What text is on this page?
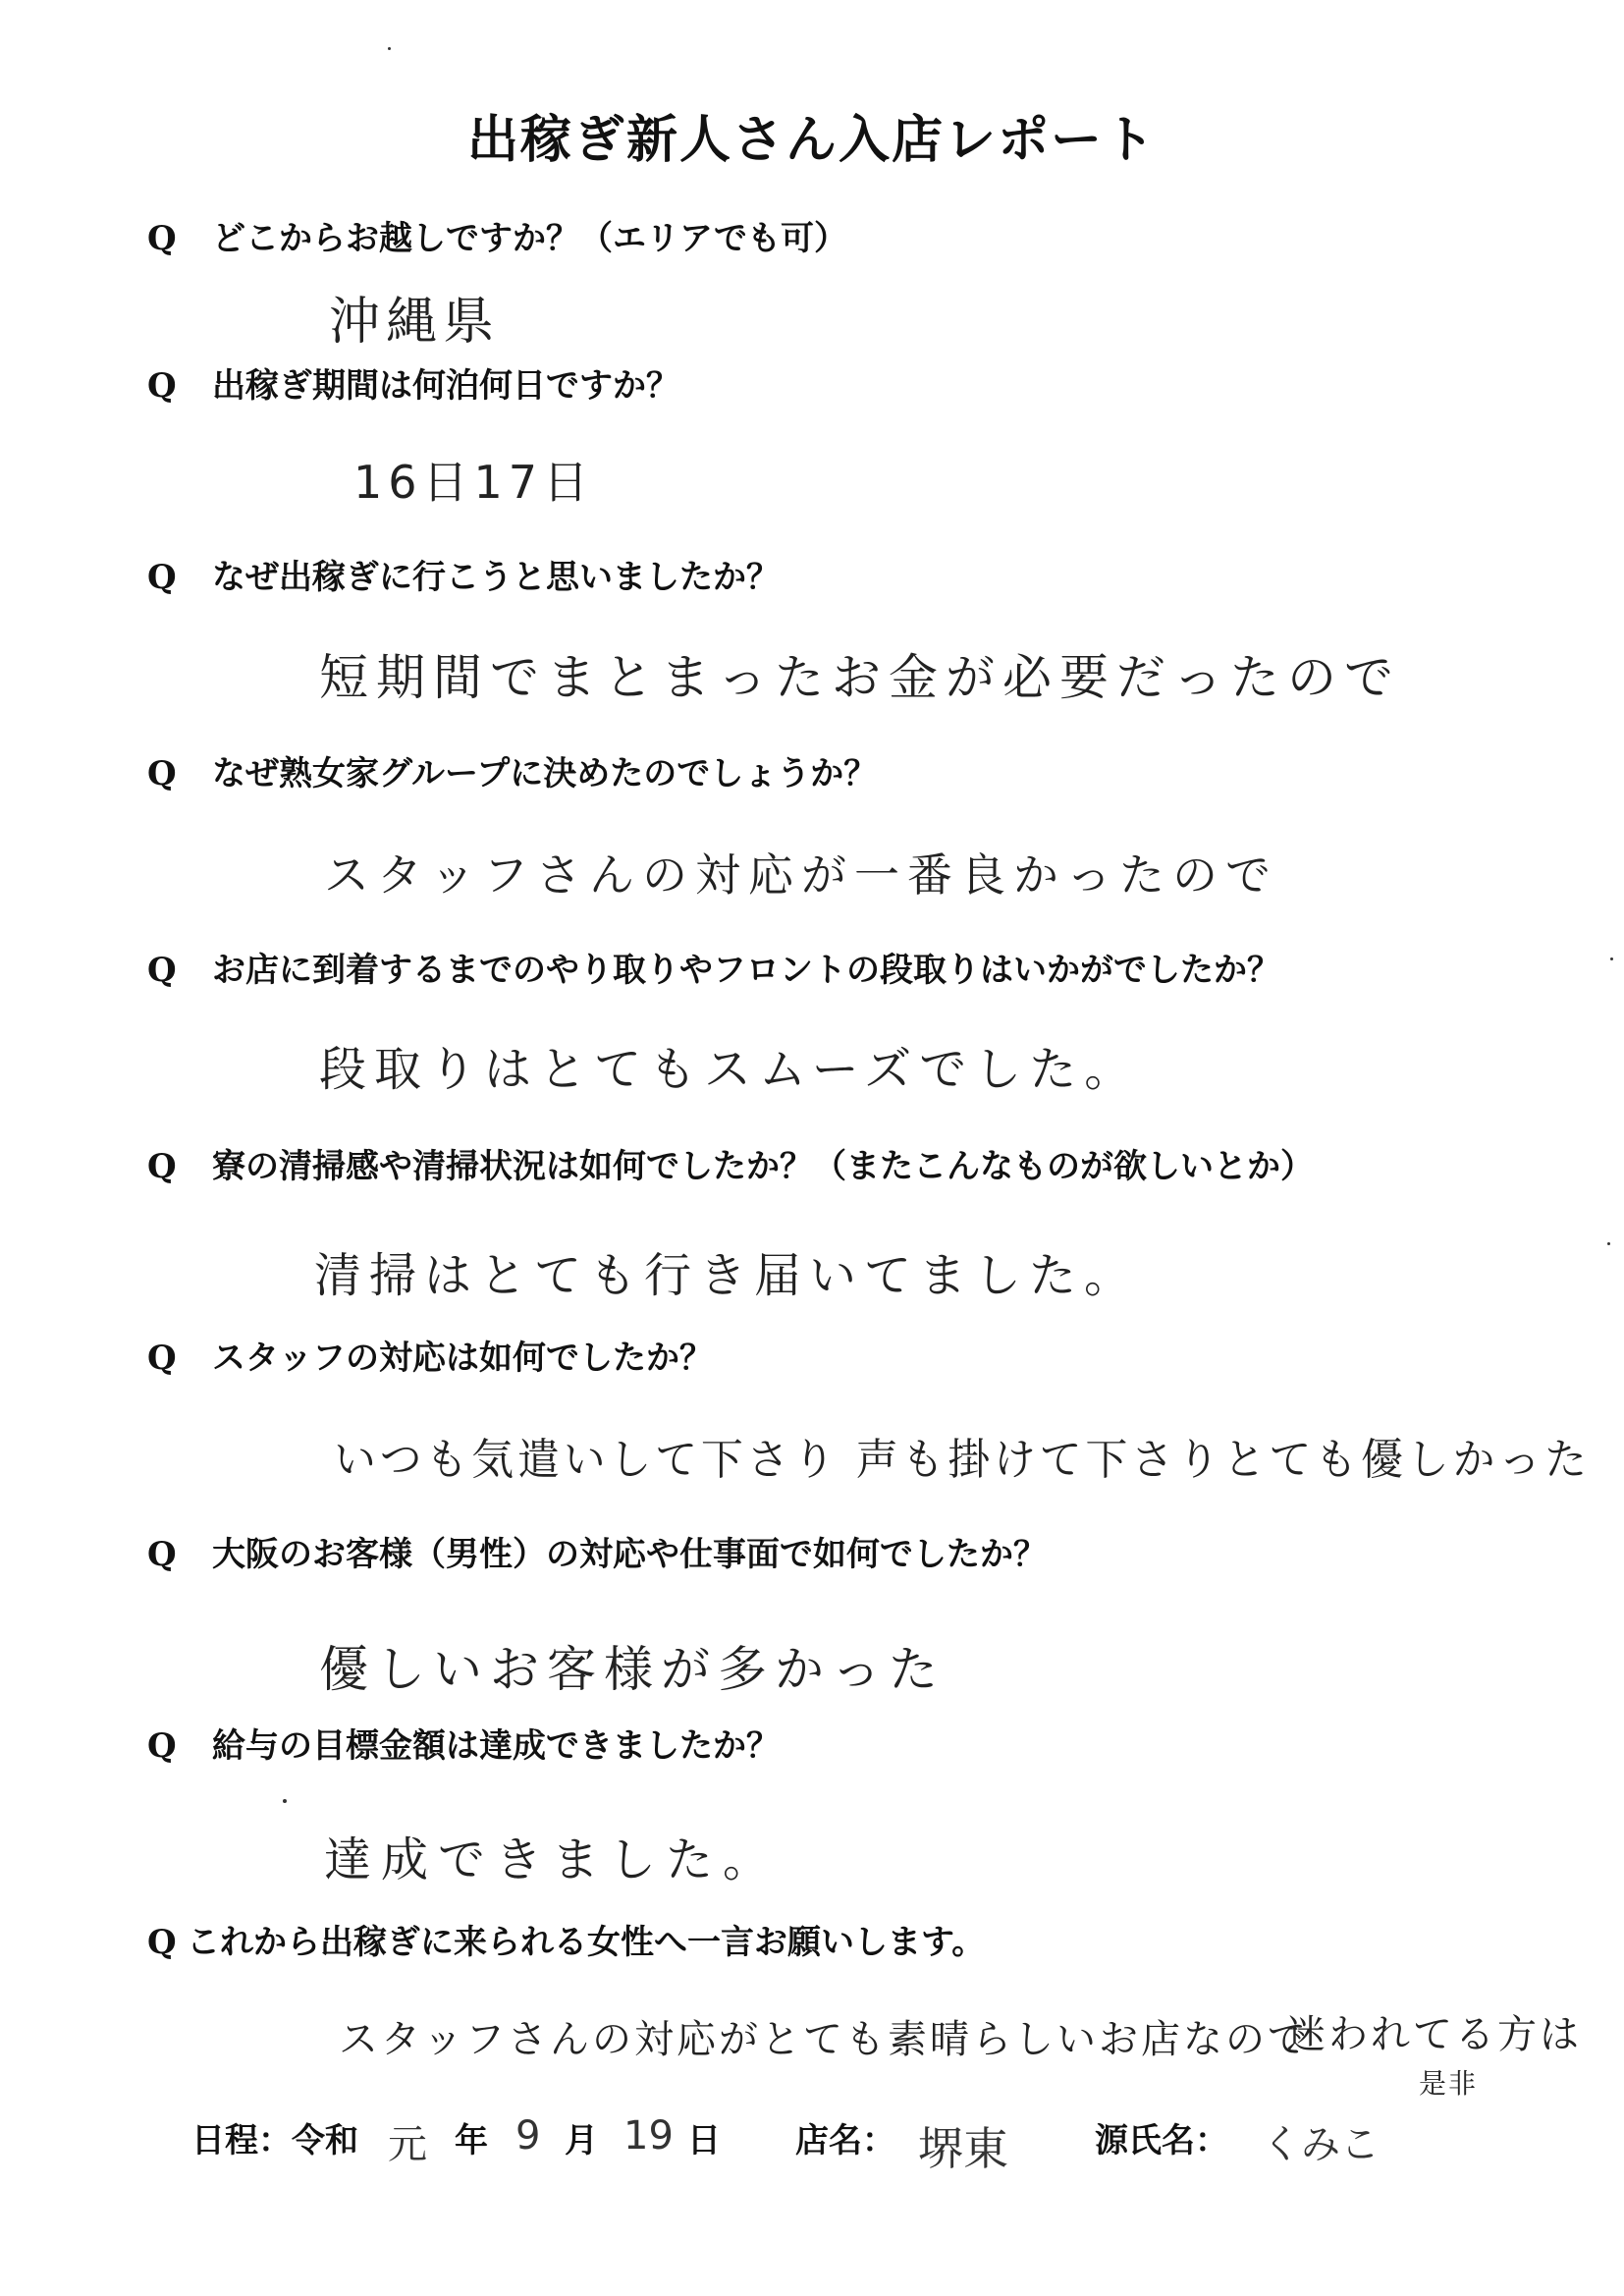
出稼ぎ新人さん入店レポート
Q どこからお越しですか？（エリアでも可）
沖縄県
Q 出稼ぎ期間は何泊何日ですか？
16日17日
Q なぜ出稼ぎに行こうと思いましたか？
短期間でまとまったお金が必要だったので
Q なぜ熟女家グループに決めたのでしょうか？
スタッフさんの対応が一番良かったので
Q お店に到着するまでのやり取りやフロントの段取りはいかがでしたか？
段取りはとてもスムーズでした。
Q 寮の清掃感や清掃状況は如何でしたか？（またこんなものが欲しいとか）
清掃はとても行き届いてました。
Q スタッフの対応は如何でしたか？
いつも気遣いして下さり 声も掛けて下さりとても優しかった
Q 大阪のお客様（男性）の対応や仕事面で如何でしたか？
優しいお客様が多かった
Q 給与の目標金額は達成できましたか？
達成できました。
Q これから出稼ぎに来られる女性へ一言お願いします。
スタッフさんの対応がとても素晴らしいお店なので
迷われてる方は
是非
日程：令和 元 年 9 月 19 日 店名： 堺東	源氏名： くみこ
